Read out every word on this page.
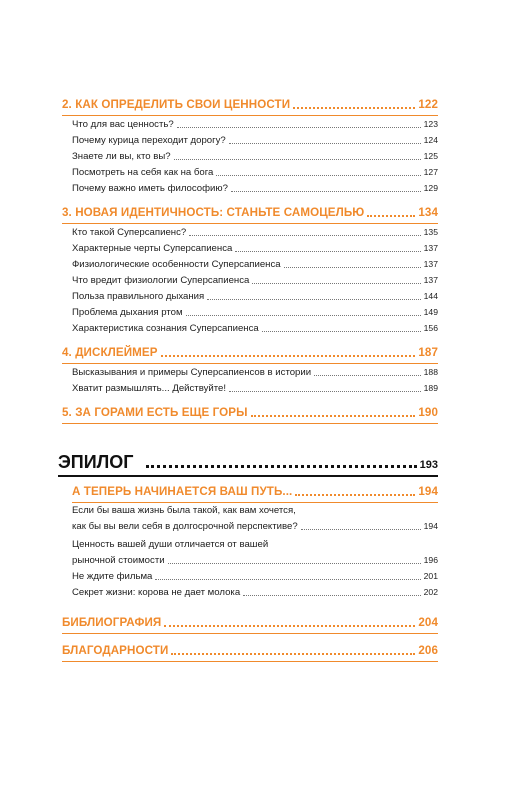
2. КАК ОПРЕДЕЛИТЬ СВОИ ЦЕННОСТИ	122
Что для вас ценность?	123
Почему курица переходит дорогу?	124
Знаете ли вы, кто вы?	125
Посмотреть на себя как на бога	127
Почему важно иметь философию?	129
3. НОВАЯ ИДЕНТИЧНОСТЬ: СТАНЬТЕ САМОЦЕЛЬЮ	134
Кто такой Суперсапиенс?	135
Характерные черты Суперсапиенса	137
Физиологические особенности Суперсапиенса	137
Что вредит физиологии Суперсапиенса	137
Польза правильного дыхания	144
Проблема дыхания ртом	149
Характеристика сознания Суперсапиенса	156
4. ДИСКЛЕЙМЕР	187
Высказывания и примеры Суперсапиенсов в истории	188
Хватит размышлять... Действуйте!	189
5. ЗА ГОРАМИ ЕСТЬ ЕЩЕ ГОРЫ	190
ЭПИЛОГ	193
А ТЕПЕРЬ НАЧИНАЕТСЯ ВАШ ПУТЬ...	194
Если бы ваша жизнь была такой, как вам хочется,
как бы вы вели себя в долгосрочной перспективе?	194
Ценность вашей души отличается от вашей
рыночной стоимости	196
Не ждите фильма	201
Секрет жизни: корова не дает молока	202
БИБЛИОГРАФИЯ	204
БЛАГОДАРНОСТИ	206
